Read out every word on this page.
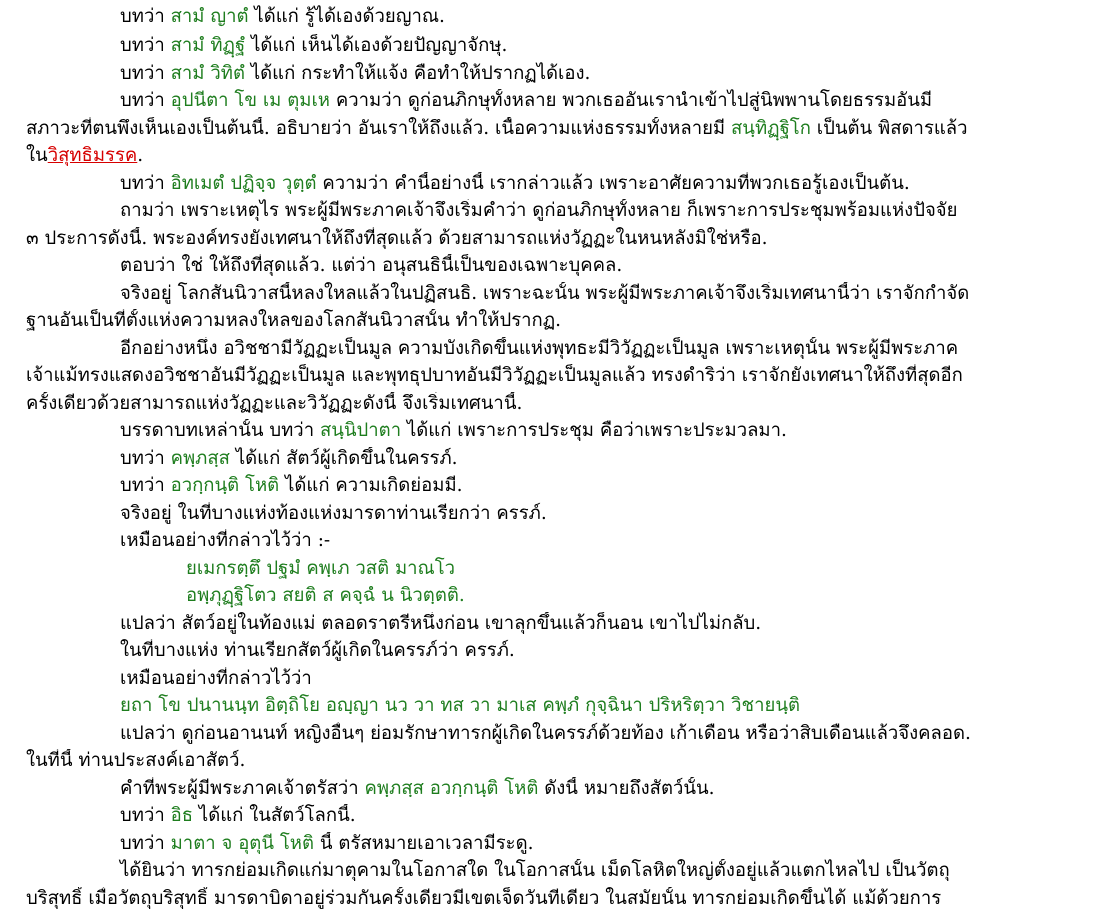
บทว่า สามํ ญาตํ ได้แก่ รู้ได้เองด้วยญาณ.
บทว่า สามํ ทิฏฺฐํ ได้แก่ เห็นได้เองด้วยปัญญาจักษุ.
บทว่า สามํ วิทิตํ ได้แก่ กระทำให้แจ้ง คือทำให้ปรากฏได้เอง.
บทว่า อุปนีตา โข เม ตุมเห ความว่า ดูก่อนภิกษุทั้งหลาย พวกเธออันเรานำเข้าไปสู่นิพพานโดยธรรมอันมี
สภาวะที่ตนพึงเห็นเองเป็นต้นนี้. อธิบายว่า อันเราให้ถึงแล้ว. เนื้อความแห่งธรรมทั้งหลายมี สนฺทิฏฺฐิโก เป็นต้น พิสดารแล้ว
ในวิสุทธิมรรค.
บทว่า อิทเมตํ ปฏิจฺจ วุตฺตํ ความว่า คำนี้อย่างนี้ เรากล่าวแล้ว เพราะอาศัยความที่พวกเธอรู้เองเป็นต้น.
ถามว่า เพราะเหตุไร พระผู้มีพระภาคเจ้าจึงเริ่มคำว่า ดูก่อนภิกษุทั้งหลาย ก็เพราะการประชุมพร้อมแห่งปัจจัย
๓ ประการดังนี้. พระองค์ทรงยังเทศนาให้ถึงที่สุดแล้ว ด้วยสามารถแห่งวัฏฏะในหนหลังมิใช่หรือ.
ตอบว่า ใช่ ให้ถึงที่สุดแล้ว. แต่ว่า อนุสนธินี้เป็นของเฉพาะบุคคล.
จริงอยู่ โลกสันนิวาสนี้หลงใหลแล้วในปฏิสนธิ. เพราะฉะนั้น พระผู้มีพระภาคเจ้าจึงเริ่มเทศนานี้ว่า เราจักกำจัด
ฐานอันเป็นที่ตั้งแห่งความหลงใหลของโลกสันนิวาสนั้น ทำให้ปรากฏ.
อีกอย่างหนึ่ง อวิชชามีวัฏฏะเป็นมูล ความบังเกิดขึ้นแห่งพุทธะมีวิวัฏฏะเป็นมูล เพราะเหตุนั้น พระผู้มีพระภาค
เจ้าแม้ทรงแสดงอวิชชาอันมีวัฏฏะเป็นมูล และพุทธุปบาทอันมีวิวัฏฏะเป็นมูลแล้ว ทรงดำริว่า เราจักยังเทศนาให้ถึงที่สุดอีก
ครั้งเดียวด้วยสามารถแห่งวัฏฏะและวิวัฏฏะดังนี้ จึงเริ่มเทศนานี้.
บรรดาบทเหล่านั้น บทว่า สนฺนิปาตา ได้แก่ เพราะการประชุม คือว่าเพราะประมวลมา.
บทว่า คพฺภสฺส ได้แก่ สัตว์ผู้เกิดขึ้นในครรภ์.
บทว่า อวกฺกนฺติ โหติ ได้แก่ ความเกิดย่อมมี.
จริงอยู่ ในที่บางแห่งท้องแห่งมารดาท่านเรียกว่า ครรภ์.
เหมือนอย่างที่กล่าวไว้ว่า :-
ยเมกรตฺตึ ปฐมํ คพฺเภ วสติ มาณโว
อพฺภุฏฺฐิโตว สยติ ส คจฺฉํ น นิวตฺตติ.
แปลว่า สัตว์อยู่ในท้องแม่ ตลอดราตรีหนึ่งก่อน เขาลุกขึ้นแล้วก็นอน เขาไปไม่กลับ.
ในที่บางแห่ง ท่านเรียกสัตว์ผู้เกิดในครรภ์ว่า ครรภ์.
เหมือนอย่างที่กล่าวไว้ว่า
ยถา โข ปนานนฺท อิตฺถิโย อญฺญา นว วา ทส วา มาเส คพฺภํ กุจฺฉินา ปริหริตฺวา วิชายนฺติ
แปลว่า ดูก่อนอานนท์ หญิงอื่นๆ ย่อมรักษาทารกผู้เกิดในครรภ์ด้วยท้อง เก้าเดือน หรือว่าสิบเดือนแล้วจึงคลอด.
ในที่นี้ ท่านประสงค์เอาสัตว์.
คำที่พระผู้มีพระภาคเจ้าตรัสว่า คพฺภสฺส อวกฺกนฺติ โหติ ดังนี้ หมายถึงสัตว์นั้น.
บทว่า อิธ ได้แก่ ในสัตว์โลกนี้.
บทว่า มาตา จ อุตุนี โหติ นี้ ตรัสหมายเอาเวลามีระดู.
ได้ยินว่า ทารกย่อมเกิดแก่มาตุคามในโอกาสใด ในโอกาสนั้น เม็ดโลหิตใหญ่ตั้งอยู่แล้วแตกไหลไป เป็นวัตถุ
บริสุทธิ์ เมื่อวัตถุบริสุทธิ์ มารดาบิดาอยู่ร่วมกันครั้งเดียวมีเขตเจ็ดวันทีเดียว ในสมัยนั้น ทารกย่อมเกิดขึ้นได้ แม้ด้วยการ
